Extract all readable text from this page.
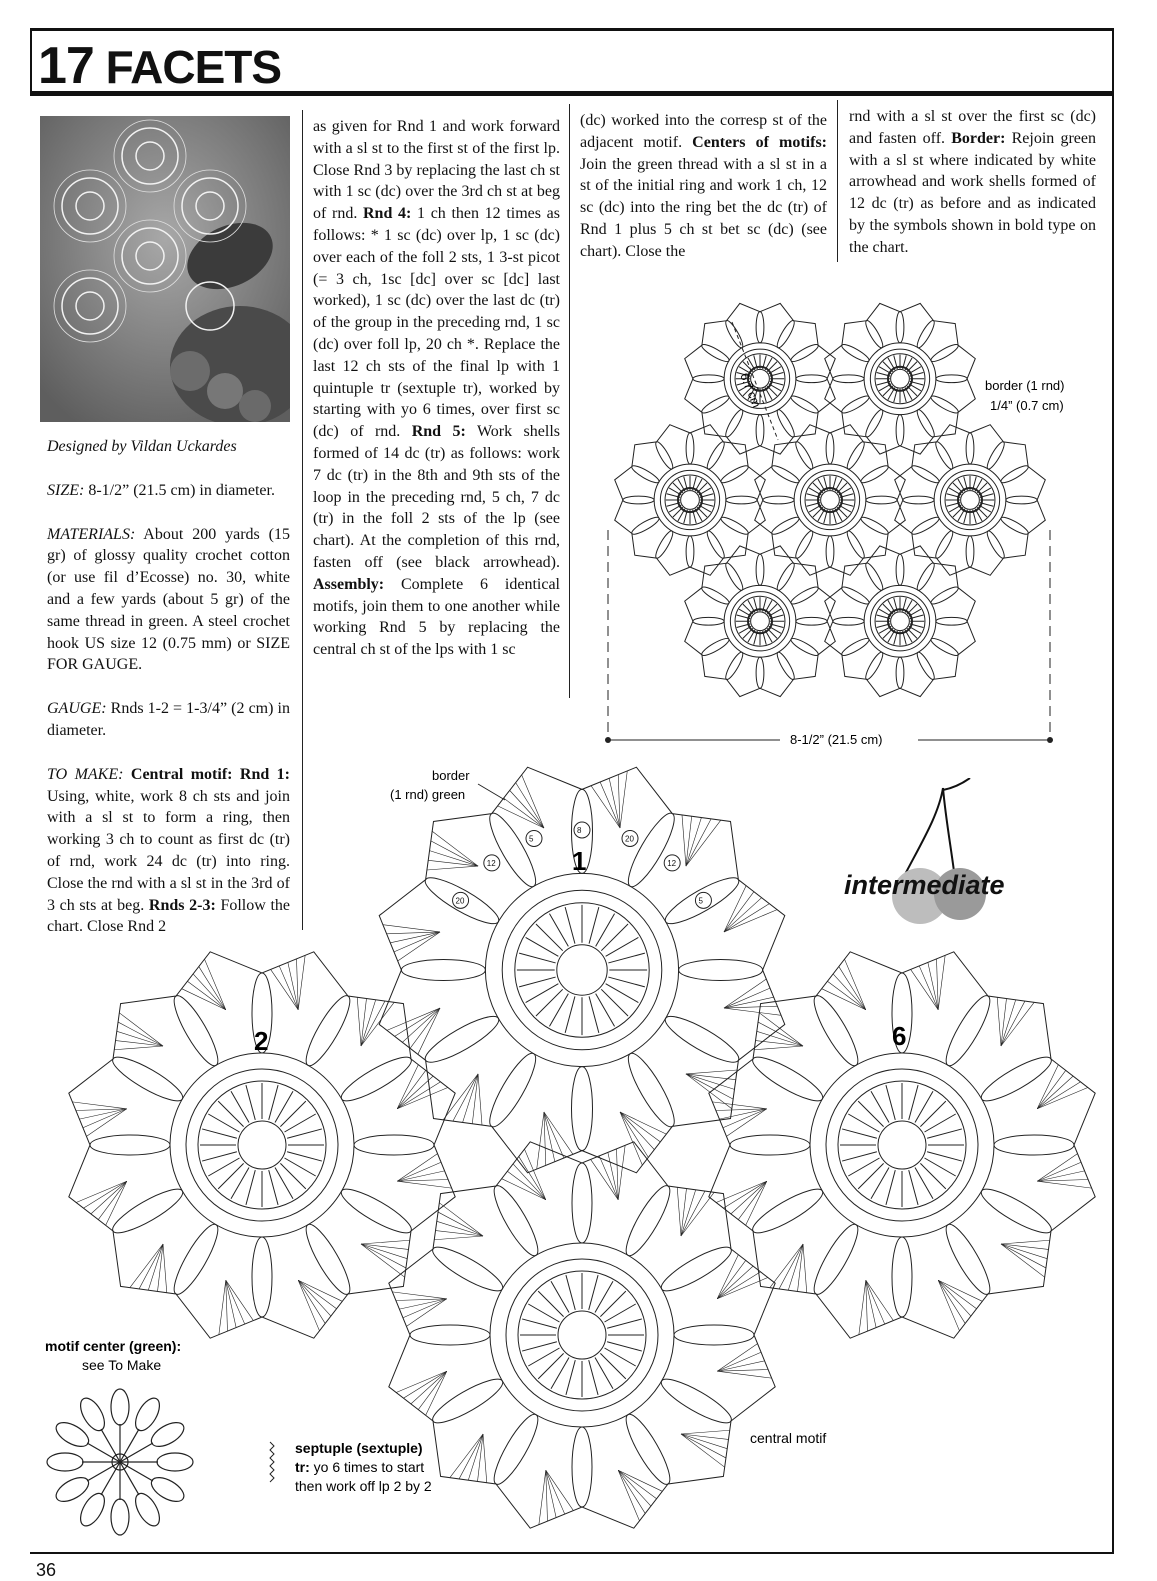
17 FACETS

Designed by Vildan Uckardes

SIZE: 8-1/2” (21.5 cm) in diameter.

MATERIALS: About 200 yards (15 gr) of glossy quality crochet cotton (or use fil d’Ecosse) no. 30, white and a few yards (about 5 gr) of the same thread in green. A steel crochet hook US size 12 (0.75 mm) or SIZE FOR GAUGE.

GAUGE: Rnds 1-2 = 1-3/4” (2 cm) in diameter.

TO MAKE: Central motif: Rnd 1: Using, white, work 8 ch sts and join with a sl st to form a ring, then working 3 ch to count as first dc (tr) of rnd, work 24 dc (tr) into ring. Close the rnd with a sl st in the 3rd of 3 ch sts at beg. Rnds 2-3: Follow the chart. Close Rnd 2

as given for Rnd 1 and work forward with a sl st to the first st of the first lp. Close Rnd 3 by replacing the last ch st with 1 sc (dc) over the 3rd ch st at beg of rnd. Rnd 4: 1 ch then 12 times as follows: * 1 sc (dc) over lp, 1 sc (dc) over each of the foll 2 sts, 1 3-st picot (= 3 ch, 1sc [dc] over sc [dc] last worked), 1 sc (dc) over the last dc (tr) of the group in the preceding rnd, 1 sc (dc) over foll lp, 20 ch *. Replace the last 12 ch sts of the final lp with 1 quintuple tr (sextuple tr), worked by starting with yo 6 times, over first sc (dc) of rnd. Rnd 5: Work shells formed of 14 dc (tr) as follows: work 7 dc (tr) in the 8th and 9th sts of the loop in the preceding rnd, 5 ch, 7 dc (tr) in the foll 2 sts of the lp (see chart). At the completion of this rnd, fasten off (see black arrowhead). Assembly: Complete 6 identical motifs, join them to one another while working Rnd 5 by replacing the central ch st of the lps with 1 sc

(dc) worked into the corresp st of the adjacent motif. Centers of motifs: Join the green thread with a sl st in a st of the initial ring and work 1 ch, 12 sc (dc) into the ring bet the dc (tr) of Rnd 1 plus 5 ch st bet sc (dc) (see chart). Close the

rnd with a sl st over the first sc (dc) and fasten off. Border: Rejoin green with a sl st where indicated by white arrowhead and work shells formed of 12 dc (tr) as before and as indicated by the symbols shown in bold type on the chart.

6.7 cm	border (1 rnd)
1/4” (0.7 cm)
8-1/2” (21.5 cm)
intermediate
20
12
5
8
20
12
5
border
(1 rnd) green
1
2	6
central motif
motif center (green):
see To Make
septuple (sextuple)
tr: yo 6 times to start
then work off lp 2 by 2
36
